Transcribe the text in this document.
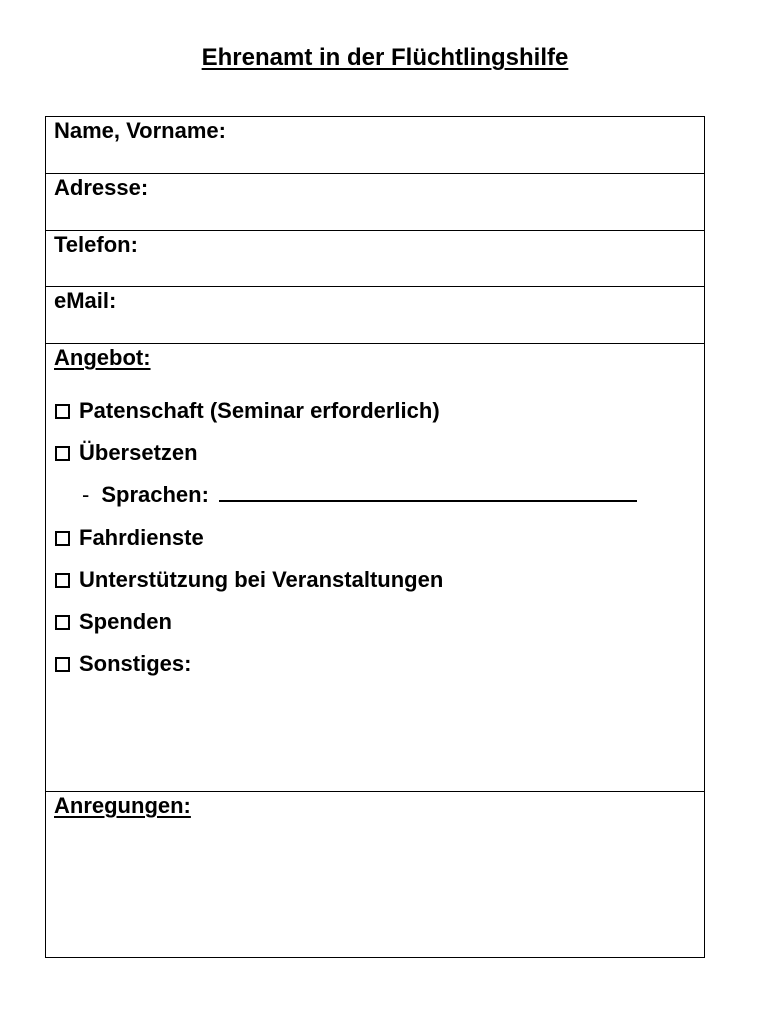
Ehrenamt in der Flüchtlingshilfe

Name, Vorname:

Adresse:

Telefon:

eMail:

Angebot:

Patenschaft (Seminar erforderlich)
Übersetzen
- Sprachen:
Fahrdienste
Unterstützung bei Veranstaltungen
Spenden
Sonstiges:

Anregungen:
